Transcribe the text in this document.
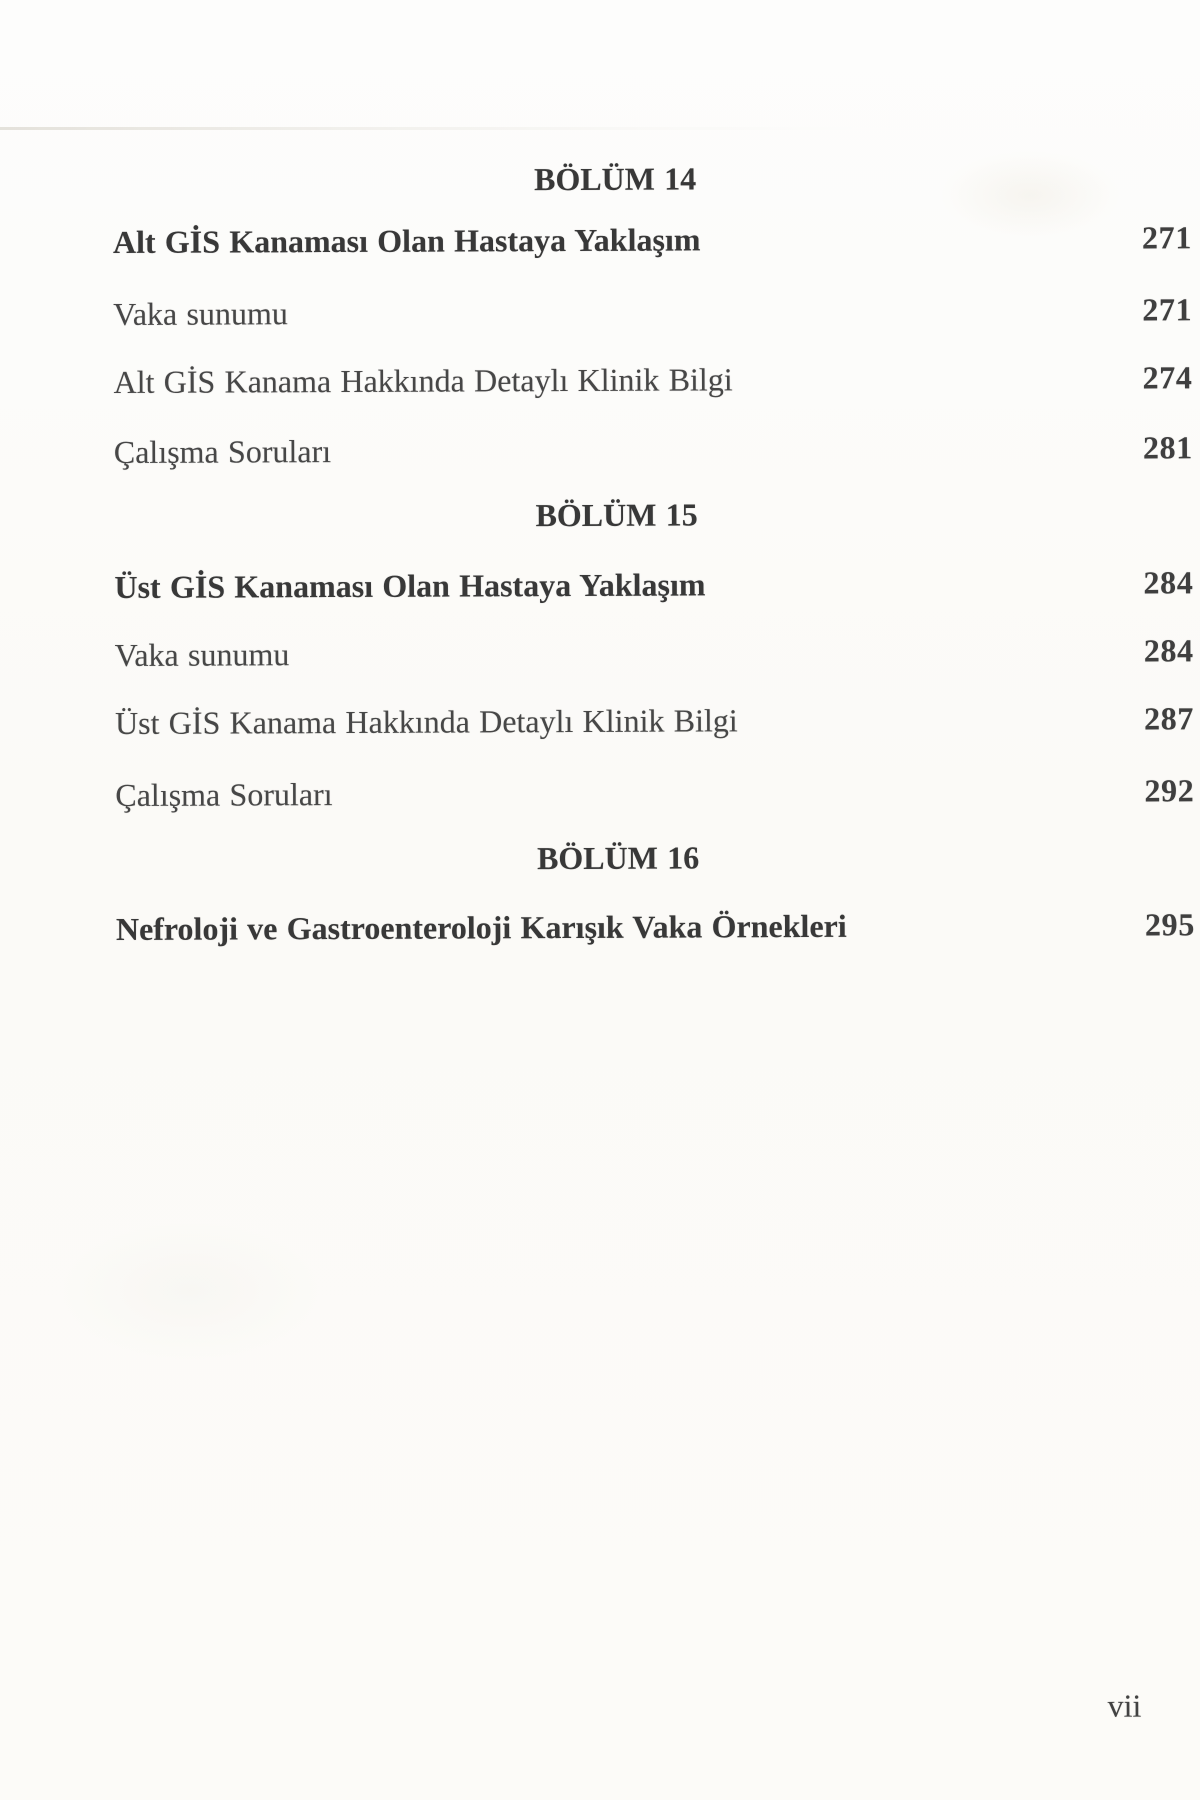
BÖLÜM 14
Alt GİS Kanaması Olan Hastaya Yaklaşım	271
Vaka sunumu	271
Alt GİS Kanama Hakkında Detaylı Klinik Bilgi	274
Çalışma Soruları	281
BÖLÜM 15
Üst GİS Kanaması Olan Hastaya Yaklaşım	284
Vaka sunumu	284
Üst GİS Kanama Hakkında Detaylı Klinik Bilgi	287
Çalışma Soruları	292
BÖLÜM 16
Nefroloji ve Gastroenteroloji Karışık Vaka Örnekleri	295
vii
